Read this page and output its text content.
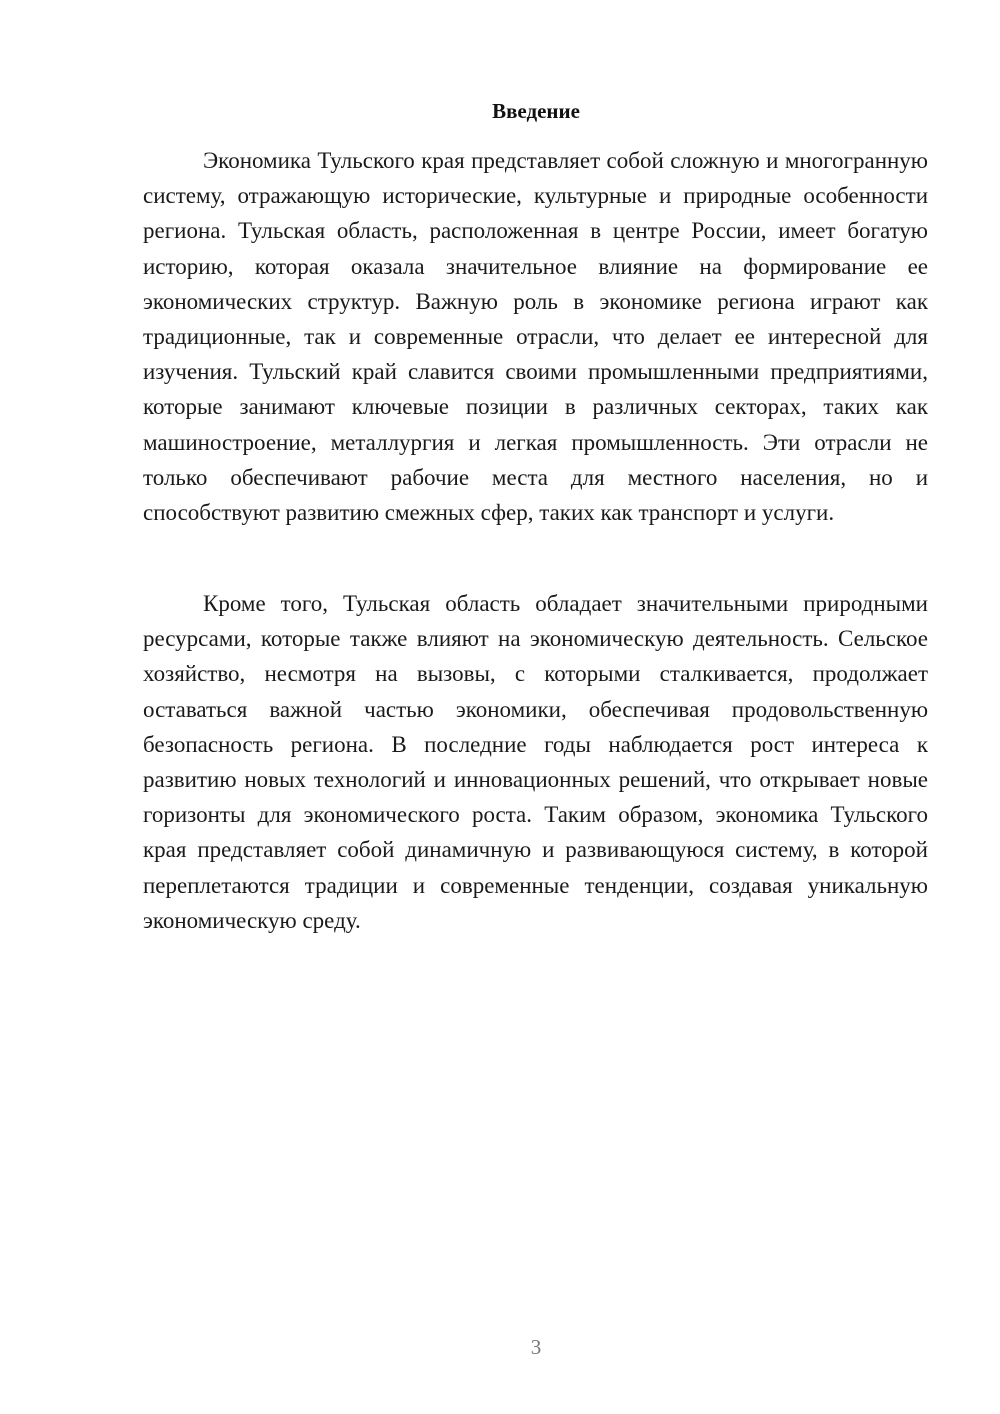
Введение

Экономика Тульского края представляет собой сложную и многогранную систему, отражающую исторические, культурные и природные особенности региона. Тульская область, расположенная в центре России, имеет богатую историю, которая оказала значительное влияние на формирование ее экономических структур. Важную роль в экономике региона играют как традиционные, так и современные отрасли, что делает ее интересной для изучения. Тульский край славится своими промышленными предприятиями, которые занимают ключевые позиции в различных секторах, таких как машиностроение, металлургия и легкая промышленность. Эти отрасли не только обеспечивают рабочие места для местного населения, но и способствуют развитию смежных сфер, таких как транспорт и услуги.

Кроме того, Тульская область обладает значительными природными ресурсами, которые также влияют на экономическую деятельность. Сельское хозяйство, несмотря на вызовы, с которыми сталкивается, продолжает оставаться важной частью экономики, обеспечивая продовольственную безопасность региона. В последние годы наблюдается рост интереса к развитию новых технологий и инновационных решений, что открывает новые горизонты для экономического роста. Таким образом, экономика Тульского края представляет собой динамичную и развивающуюся систему, в которой переплетаются традиции и современные тенденции, создавая уникальную экономическую среду.

3
